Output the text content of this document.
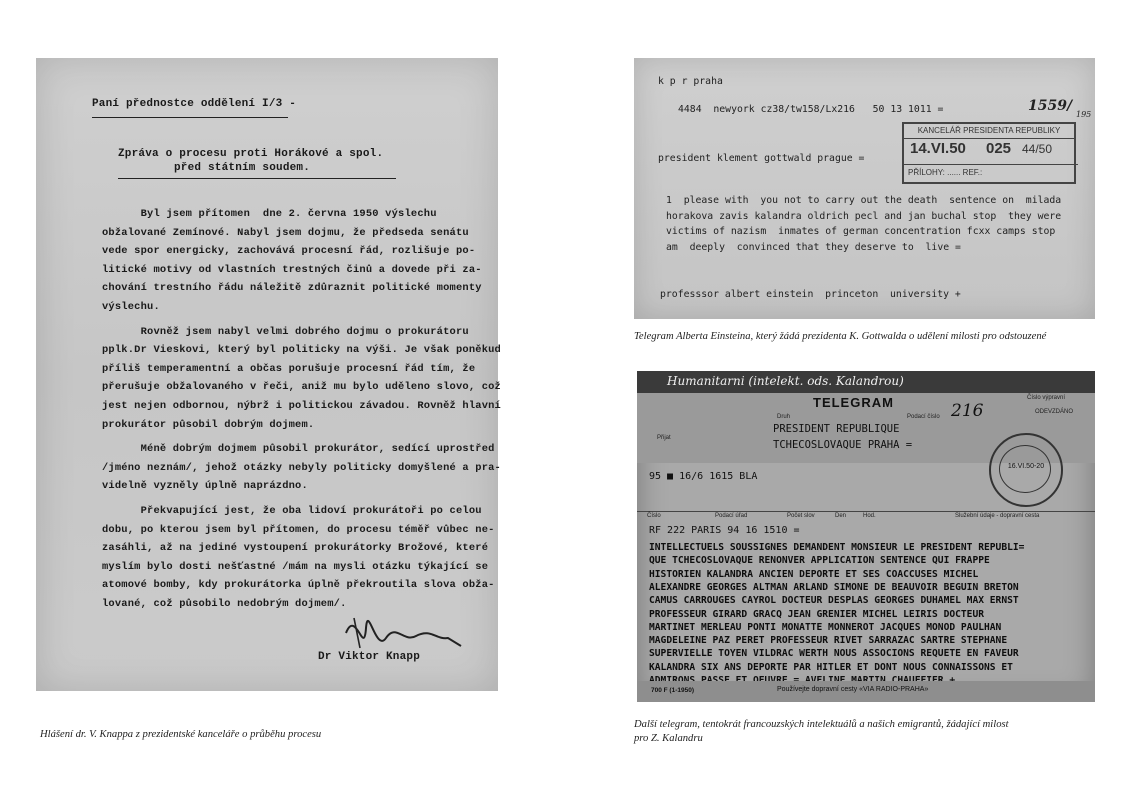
Paní přednostce oddělení I/3 -
Zpráva o procesu proti Horákové a spol.
před státním soudem.
Byl jsem přítomen  dne 2. června 1950 výslechu
obžalované Zemínové. Nabyl jsem dojmu, že předseda senátu
vede spor energicky, zachovává procesní řád, rozlišuje po-
litické motivy od vlastních trestných činů a dovede při za-
chování trestního řádu náležitě zdůraznit politické momenty
výslechu.
Rovněž jsem nabyl velmi dobrého dojmu o prokurátoru
pplk.Dr Vieskovi, který byl politicky na výši. Je však poněkud
příliš temperamentní a občas porušuje procesní řád tím, že
přerušuje obžalovaného v řeči, aniž mu bylo uděleno slovo, což
jest nejen odbornou, nýbrž i politickou závadou. Rovněž hlavní
prokurátor působil dobrým dojmem.
Méně dobrým dojmem působil prokurátor, sedící uprostřed
/jméno neznám/, jehož otázky nebyly politicky domyšlené a pra-
videlně vyzněly úplně naprázdno.
Překvapující jest, že oba lidoví prokurátoři po celou
dobu, po kterou jsem byl přítomen, do procesu téměř vůbec ne-
zasáhli, až na jediné vystoupení prokurátorky Brožové, které
myslím bylo dosti nešťastné /mám na mysli otázku týkající se
atomové bomby, kdy prokurátorka úplně překroutila slova obža-
lované, což působilo nedobrým dojmem/.
Dr Viktor Knapp
Hlášení dr. V. Knappa z prezidentské kanceláře o průběhu procesu
k p r praha
4484  newyork cz38/tw158/Lx216   50 13 1011 =	1559/
195
KANCELÁŘ PRESIDENTA REPUBLIKY
14.VI.50 025 44/50
PŘÍLOHY: ...... REF.:
president klement gottwald prague =
1  please with  you not to carry out the death  sentence on  milada
horakova zavis kalandra oldrich pecl and jan buchal stop  they were
victims of nazism  inmates of german concentration fcxx camps stop
am  deeply  convinced that they deserve to  live =
professsor albert einstein  princeton  university +
Telegram Alberta Einsteina, který žádá prezidenta K. Gottwalda o udělení milosti pro odstouzené
Humanitarni (intelekt. ods. Kalandrou)
TELEGRAM
Druh	Podací číslo 216
Číslo výpravní
ODEVZDÁNO
Přijat
PRESIDENT REPUBLIQUE
TCHECOSLOVAQUE PRAHA =
95 ■ 16/6 1615 BLA
16.VI.50-20
Číslo	Podací úřad	Počet slov	Den	Hod.	Služební údaje - dopravní cesta
RF 222 PARIS 94 16 1510 =
INTELLECTUELS SOUSSIGNES DEMANDENT MONSIEUR LE PRESIDENT REPUBLI=
QUE TCHECOSLOVAQUE RENONVER APPLICATION SENTENCE QUI FRAPPE
HISTORIEN KALANDRA ANCIEN DEPORTE ET SES COACCUSES MICHEL
ALEXANDRE GEORGES ALTMAN ARLAND SIMONE DE BEAUVOIR BEGUIN BRETON
CAMUS CARROUGES CAYROL DOCTEUR DESPLAS GEORGES DUHAMEL MAX ERNST
PROFESSEUR GIRARD GRACQ JEAN GRENIER MICHEL LEIRIS DOCTEUR
MARTINET MERLEAU PONTI MONATTE MONNEROT JACQUES MONOD PAULHAN
MAGDELEINE PAZ PERET PROFESSEUR RIVET SARRAZAC SARTRE STEPHANE
SUPERVIELLE TOYEN VILDRAC WERTH NOUS ASSOCIONS REQUETE EN FAVEUR
KALANDRA SIX ANS DEPORTE PAR HITLER ET DONT NOUS CONNAISSONS ET
700 F (1-1950)	Používejte dopravní cesty «VIA RADIO-PRAHA»
Další telegram, tentokrát francouzských intelektuálů a našich emigrantů, žádající milost
pro Z. Kalandru
